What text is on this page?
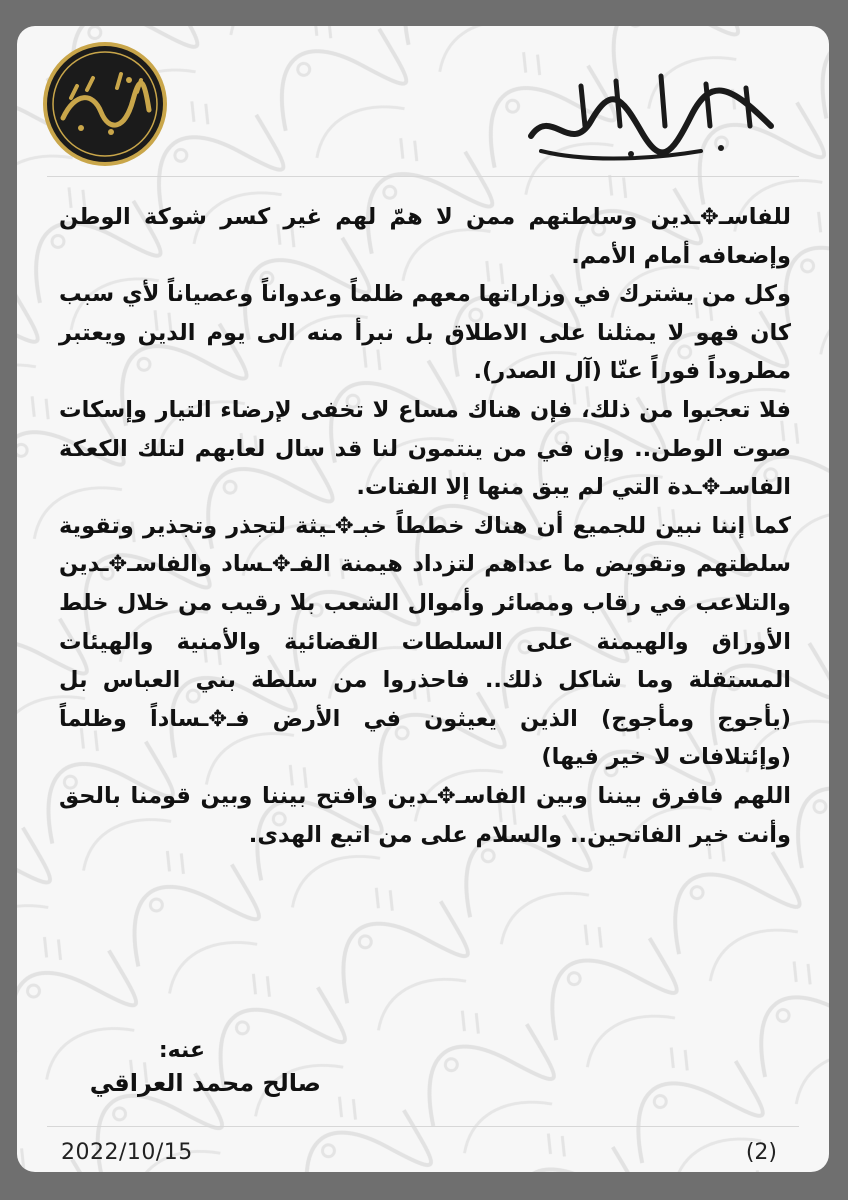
للفاسـ✥ـدين وسلطتهم ممن لا همّ لهم غير كسر شوكة الوطن وإضعافه أمام الأمم.

وكل من يشترك في وزاراتها معهم ظلماً وعدواناً وعصياناً لأي سبب كان فهو لا يمثلنا على الاطلاق بل نبرأ منه الى يوم الدين ويعتبر مطروداً فوراً عنّا (آل الصدر).

فلا تعجبوا من ذلك، فإن هناك مساع لا تخفى لإرضاء التيار وإسكات صوت الوطن.. وإن في من ينتمون لنا قد سال لعابهم لتلك الكعكة الفاسـ✥ـدة التي لم يبق منها إلا الفتات.

كما إننا نبين للجميع أن هناك خططاً خبـ✥ـيثة لتجذر وتجذير وتقوية سلطتهم وتقويض ما عداهم لتزداد هيمنة الفـ✥ـساد والفاسـ✥ـدين والتلاعب في رقاب ومصائر وأموال الشعب بلا رقيب من خلال خلط الأوراق والهيمنة على السلطات القضائية والأمنية والهيئات المستقلة وما شاكل ذلك.. فاحذروا من سلطة بني العباس بل (يأجوج ومأجوج) الذين يعيثون في الأرض فـ✥ـساداً وظلماً (وإئتلافات لا خير فيها)

اللهم فافرق بيننا وبين الفاسـ✥ـدين وافتح بيننا وبين قومنا بالحق وأنت خير الفاتحين.. والسلام على من اتبع الهدى.

عنه:
صالح محمد العراقي
(2)
2022/10/15
